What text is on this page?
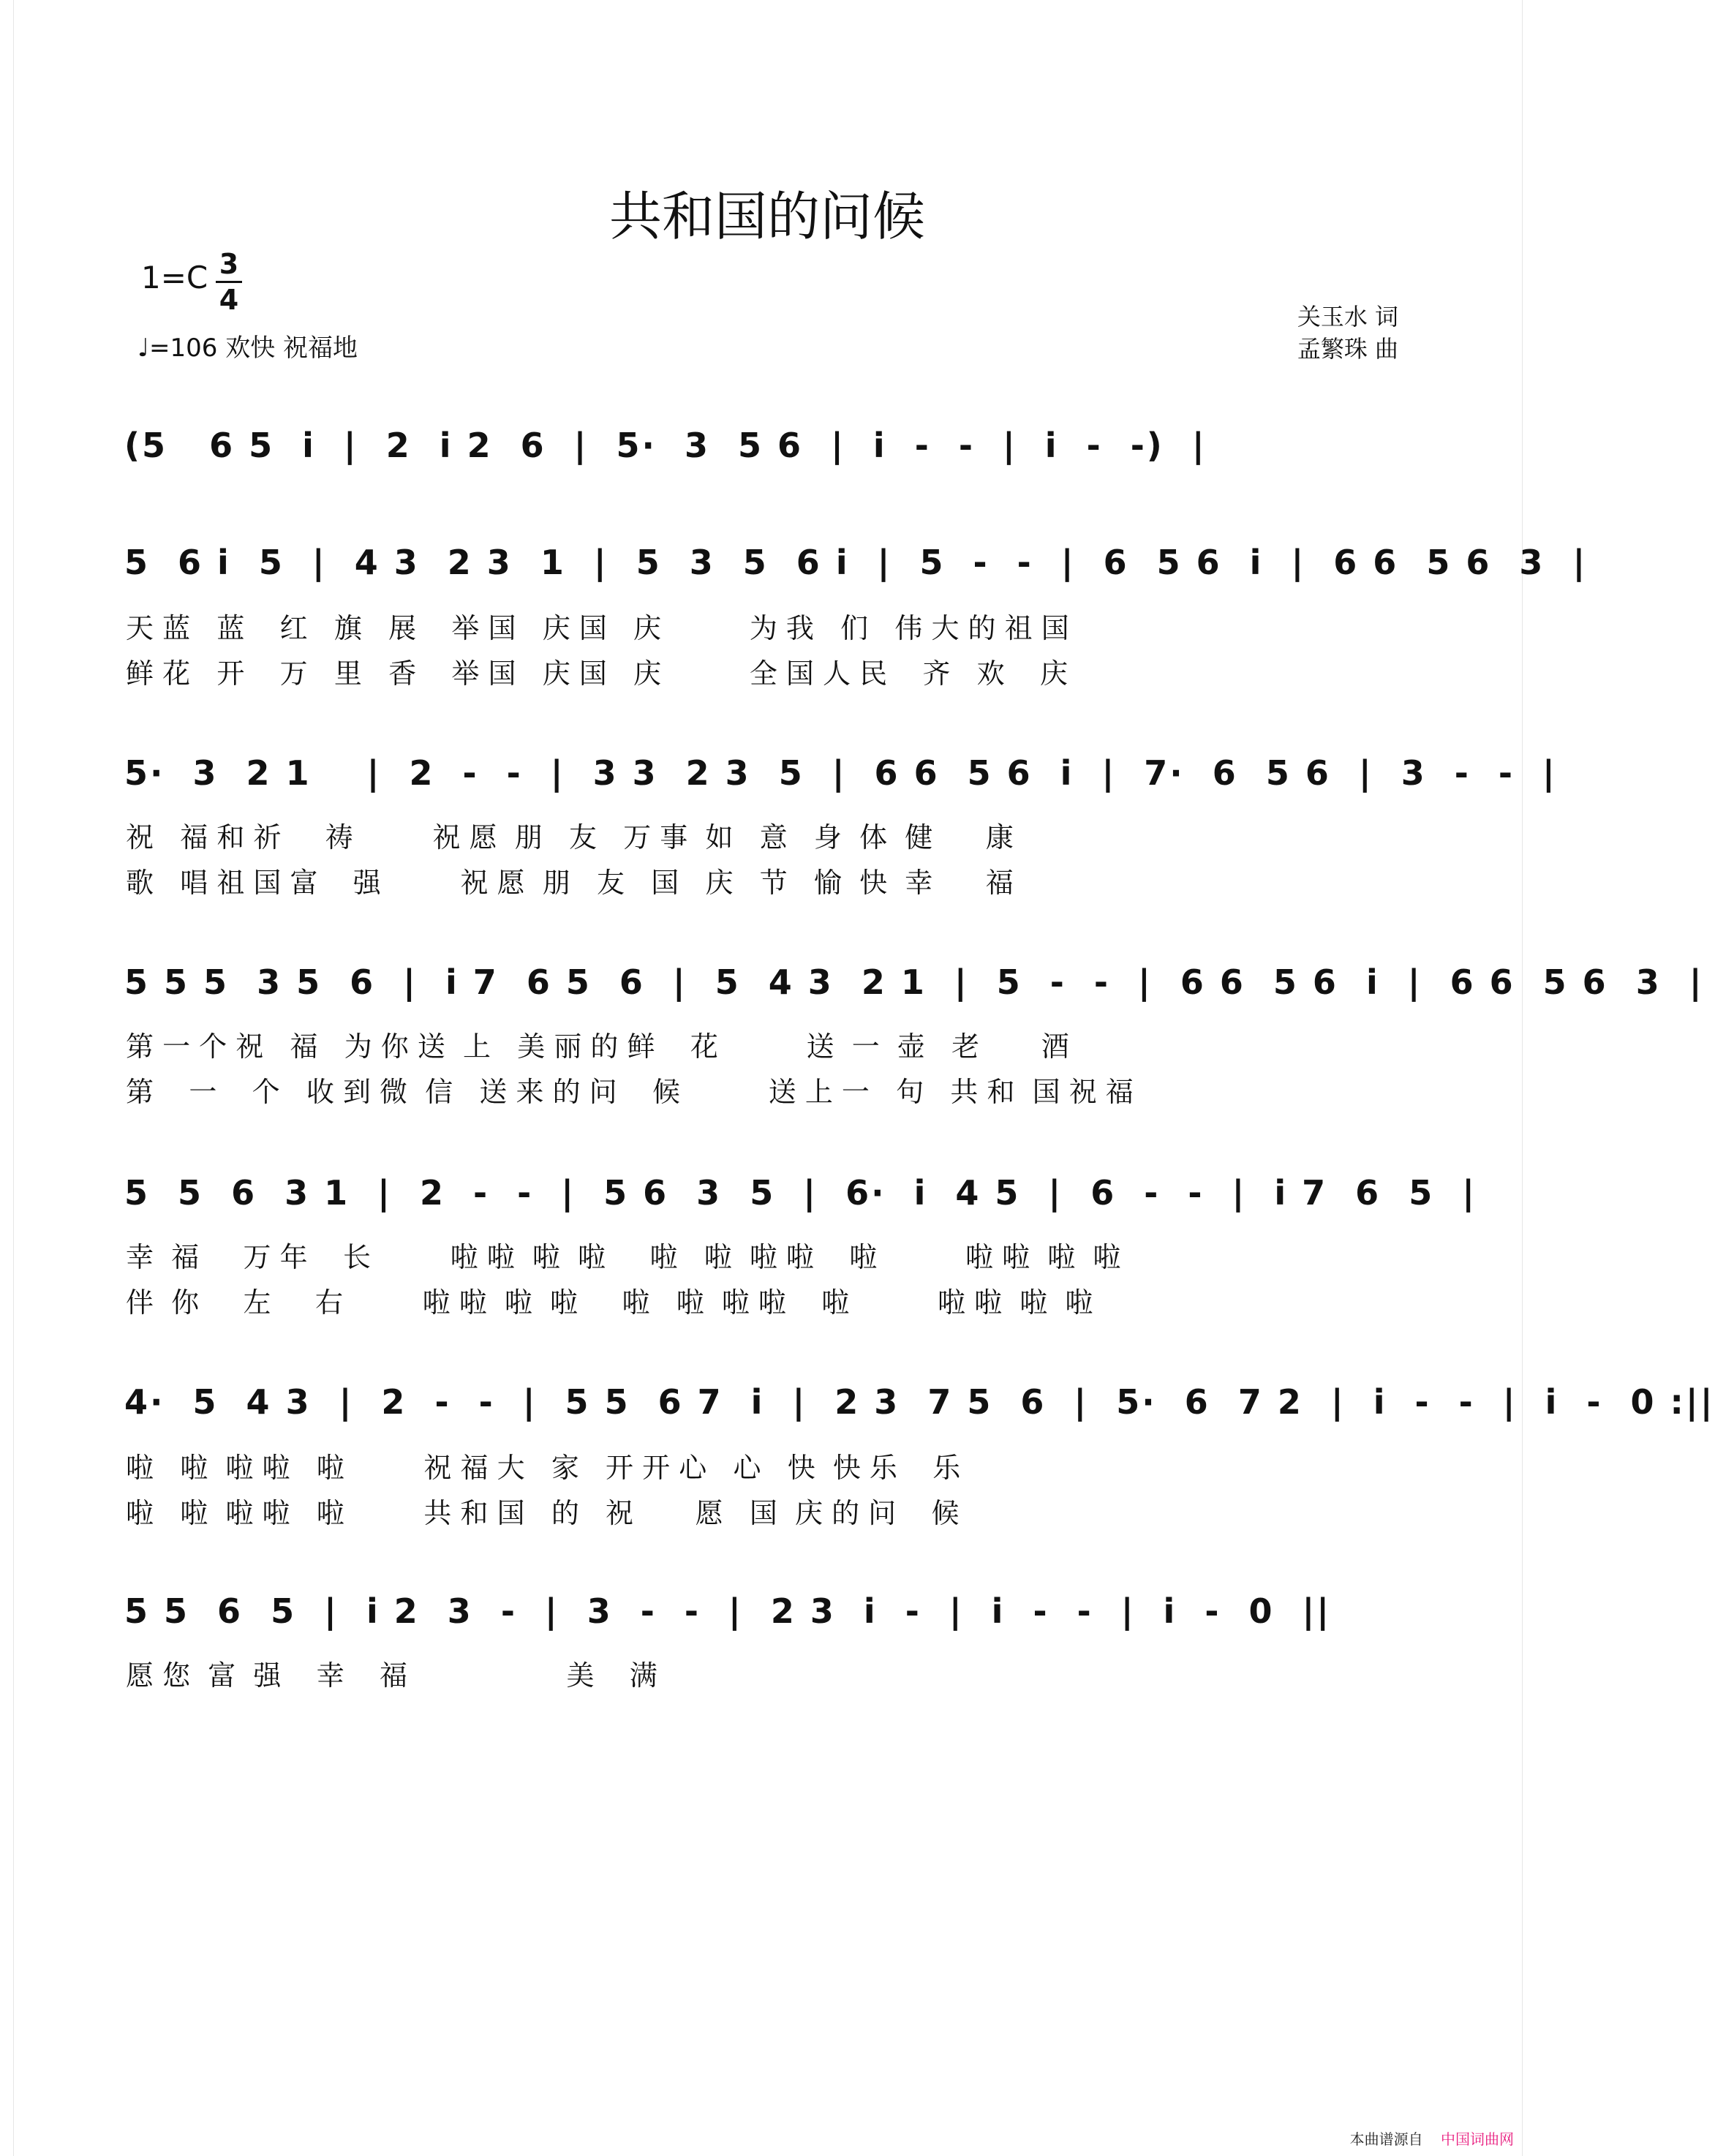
共和国的问候
1=C 3
4
♩=106 欢快 祝福地
关玉水 词
孟繁珠 曲
(5   6 5  i  |  2  i 2  6  |  5·  3  5 6  |  i  -  -  |  i  -  -)  |
5  6 i  5  |  4 3  2 3  1  |  5  3  5  6 i  |  5  -  -  |  6  5 6  i  |  6 6  5 6  3  |
天 蓝   蓝    红   旗   展    举 国   庆 国   庆          为 我   们   伟 大 的 祖 国
鲜 花   开    万   里   香    举 国   庆 国   庆          全 国 人 民    齐   欢    庆
5·  3  2 1    |  2  -  -  |  3 3  2 3  5  |  6 6  5 6  i  |  7·  6  5 6  |  3  -  -  |
祝   福 和 祈     祷         祝 愿  朋   友   万 事  如   意   身  体  健      康
歌   唱 祖 国 富    强         祝 愿  朋   友   国   庆   节   愉  快  幸      福
5 5 5  3 5  6  |  i 7  6 5  6  |  5  4 3  2 1  |  5  -  -  |  6 6  5 6  i  |  6 6  5 6  3  |
第 一 个 祝   福   为 你 送  上   美 丽 的 鲜    花          送  一  壶   老       酒
第    一    个   收 到 微  信   送 来 的 问    候          送 上 一   句   共 和  国 祝 福
5  5  6  3 1  |  2  -  -  |  5 6  3  5  |  6·  i  4 5  |  6  -  -  |  i 7  6  5  |
幸  福     万 年    长         啦 啦  啦  啦     啦   啦  啦 啦    啦          啦 啦  啦  啦
伴  你     左     右         啦 啦  啦  啦     啦   啦  啦 啦    啦          啦 啦  啦  啦
4·  5  4 3  |  2  -  -  |  5 5  6 7  i  |  2 3  7 5  6  |  5·  6  7 2  |  i  -  -  |  i  -  0 :||
啦   啦  啦 啦   啦         祝 福 大   家   开 开 心   心   快  快 乐    乐
啦   啦  啦 啦   啦         共 和 国   的   祝       愿   国  庆 的 问    候
5 5  6  5  |  i 2  3  -  |  3  -  -  |  2 3  i  -  |  i  -  -  |  i  -  0  ||
愿 您  富  强    幸    福                  美    满
本曲谱源自 中国词曲网
